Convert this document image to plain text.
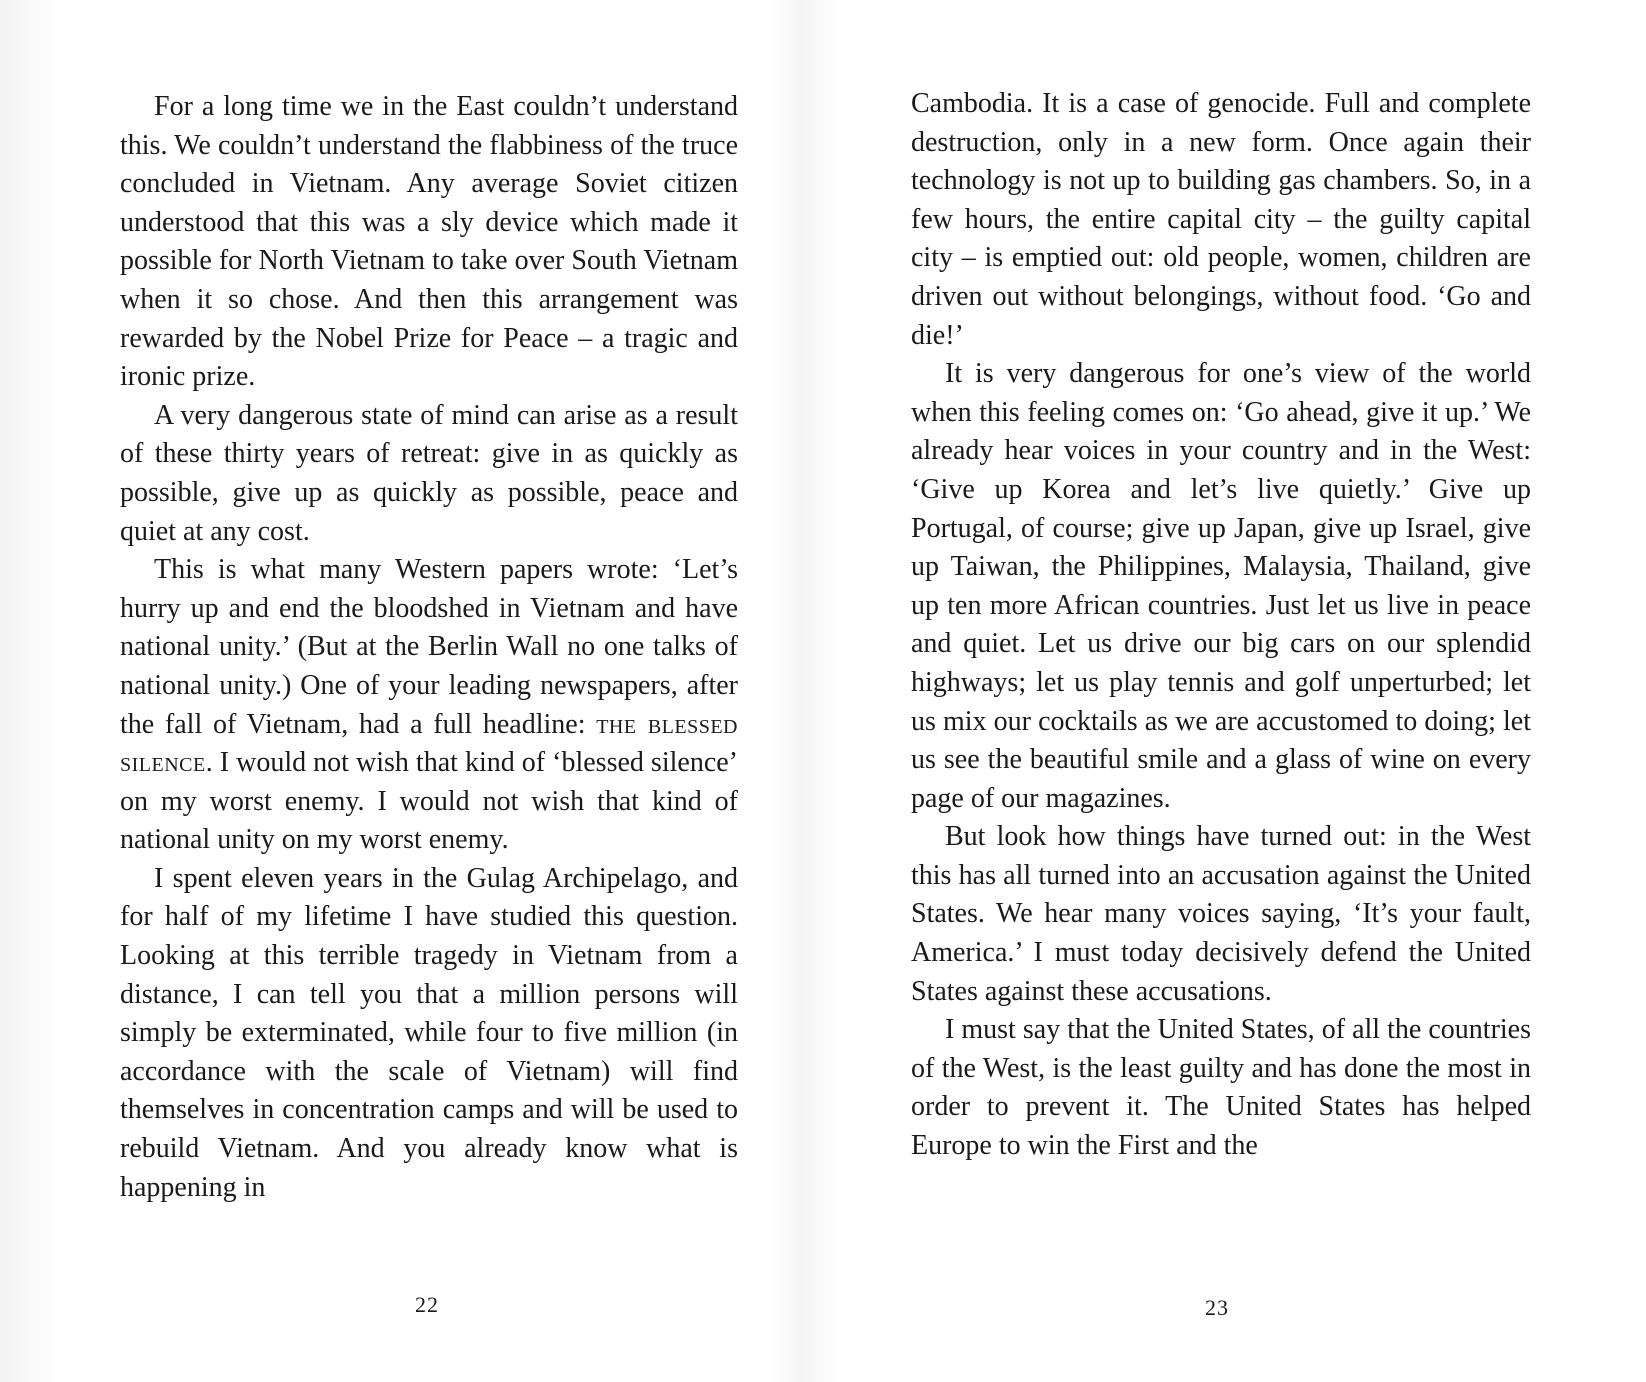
For a long time we in the East couldn’t understand this. We couldn’t understand the flabbiness of the truce concluded in Vietnam. Any average Soviet citizen understood that this was a sly device which made it possible for North Vietnam to take over South Vietnam when it so chose. And then this arrangement was rewarded by the Nobel Prize for Peace – a tragic and ironic prize.

A very dangerous state of mind can arise as a result of these thirty years of retreat: give in as quickly as possible, give up as quickly as possible, peace and quiet at any cost.

This is what many Western papers wrote: ‘Let’s hurry up and end the bloodshed in Vietnam and have national unity.’ (But at the Berlin Wall no one talks of national unity.) One of your leading newspapers, after the fall of Vietnam, had a full headline: the blessed silence. I would not wish that kind of ‘blessed silence’ on my worst enemy. I would not wish that kind of national unity on my worst enemy.

I spent eleven years in the Gulag Archipelago, and for half of my lifetime I have studied this question. Looking at this terrible tragedy in Vietnam from a distance, I can tell you that a million persons will simply be exterminated, while four to five million (in accordance with the scale of Vietnam) will find themselves in concentration camps and will be used to rebuild Vietnam. And you already know what is happening in

22

Cambodia. It is a case of genocide. Full and complete destruction, only in a new form. Once again their technology is not up to building gas chambers. So, in a few hours, the entire capital city – the guilty capital city – is emptied out: old people, women, children are driven out without belongings, without food. ‘Go and die!’

It is very dangerous for one’s view of the world when this feeling comes on: ‘Go ahead, give it up.’ We already hear voices in your country and in the West: ‘Give up Korea and let’s live quietly.’ Give up Portugal, of course; give up Japan, give up Israel, give up Taiwan, the Philippines, Malaysia, Thailand, give up ten more African countries. Just let us live in peace and quiet. Let us drive our big cars on our splendid highways; let us play tennis and golf unperturbed; let us mix our cocktails as we are accustomed to doing; let us see the beautiful smile and a glass of wine on every page of our magazines.

But look how things have turned out: in the West this has all turned into an accusation against the United States. We hear many voices saying, ‘It’s your fault, America.’ I must today decisively defend the United States against these accusations.

I must say that the United States, of all the countries of the West, is the least guilty and has done the most in order to prevent it. The United States has helped Europe to win the First and the

23
